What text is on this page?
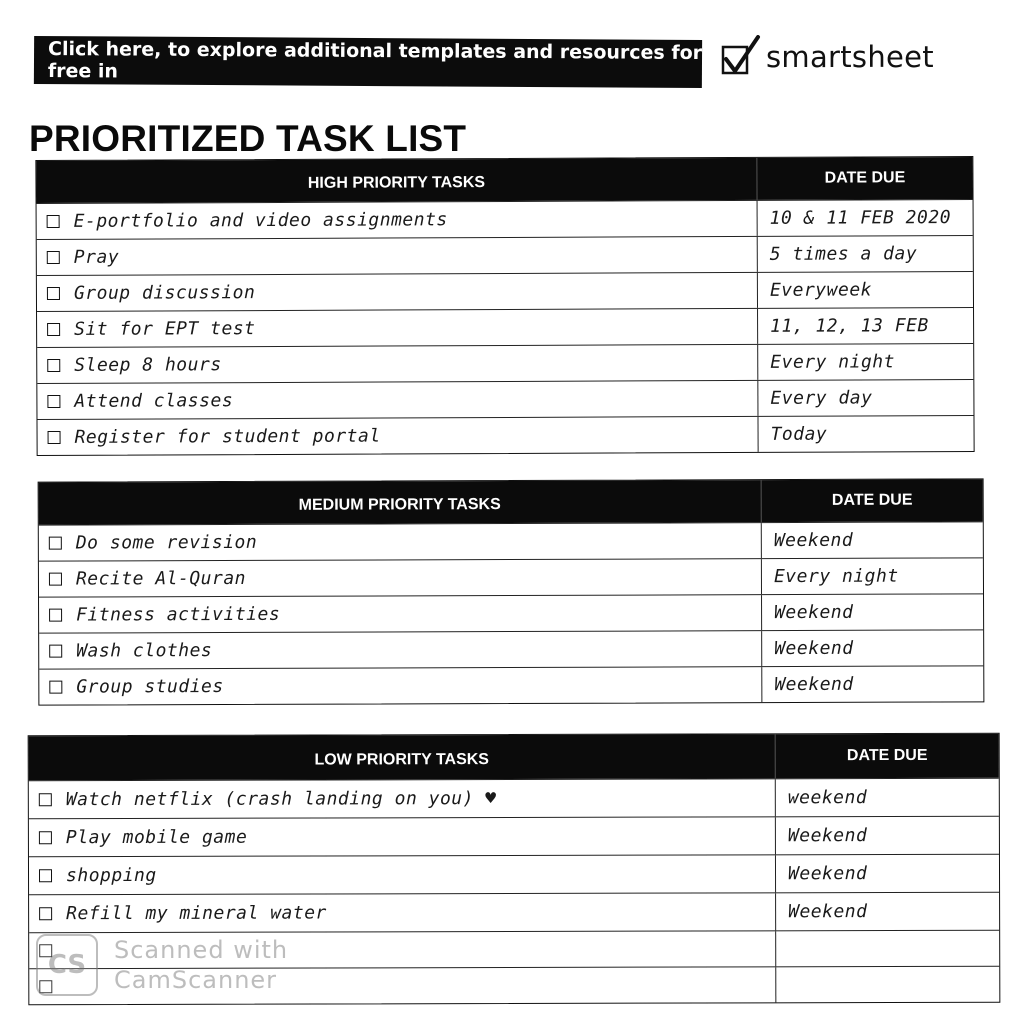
Click here, to explore additional templates and resources for free in	smartsheet
PRIORITIZED TASK LIST
HIGH PRIORITY TASKS	DATE DUE
E-portfolio and video assignments	10 & 11 FEB 2020
Pray	5 times a day
Group discussion	Everyweek
Sit for EPT test	11, 12, 13 FEB
Sleep 8 hours	Every night
Attend classes	Every day
Register for student portal	Today
MEDIUM PRIORITY TASKS	DATE DUE
Do some revision	Weekend
Recite Al-Quran	Every night
Fitness activities	Weekend
Wash clothes	Weekend
Group studies	Weekend
LOW PRIORITY TASKS	DATE DUE
Watch netflix (crash landing on you) ♥	weekend
Play mobile game	Weekend
shopping	Weekend
Refill my mineral water	Weekend
CS	Scanned with
CamScanner
